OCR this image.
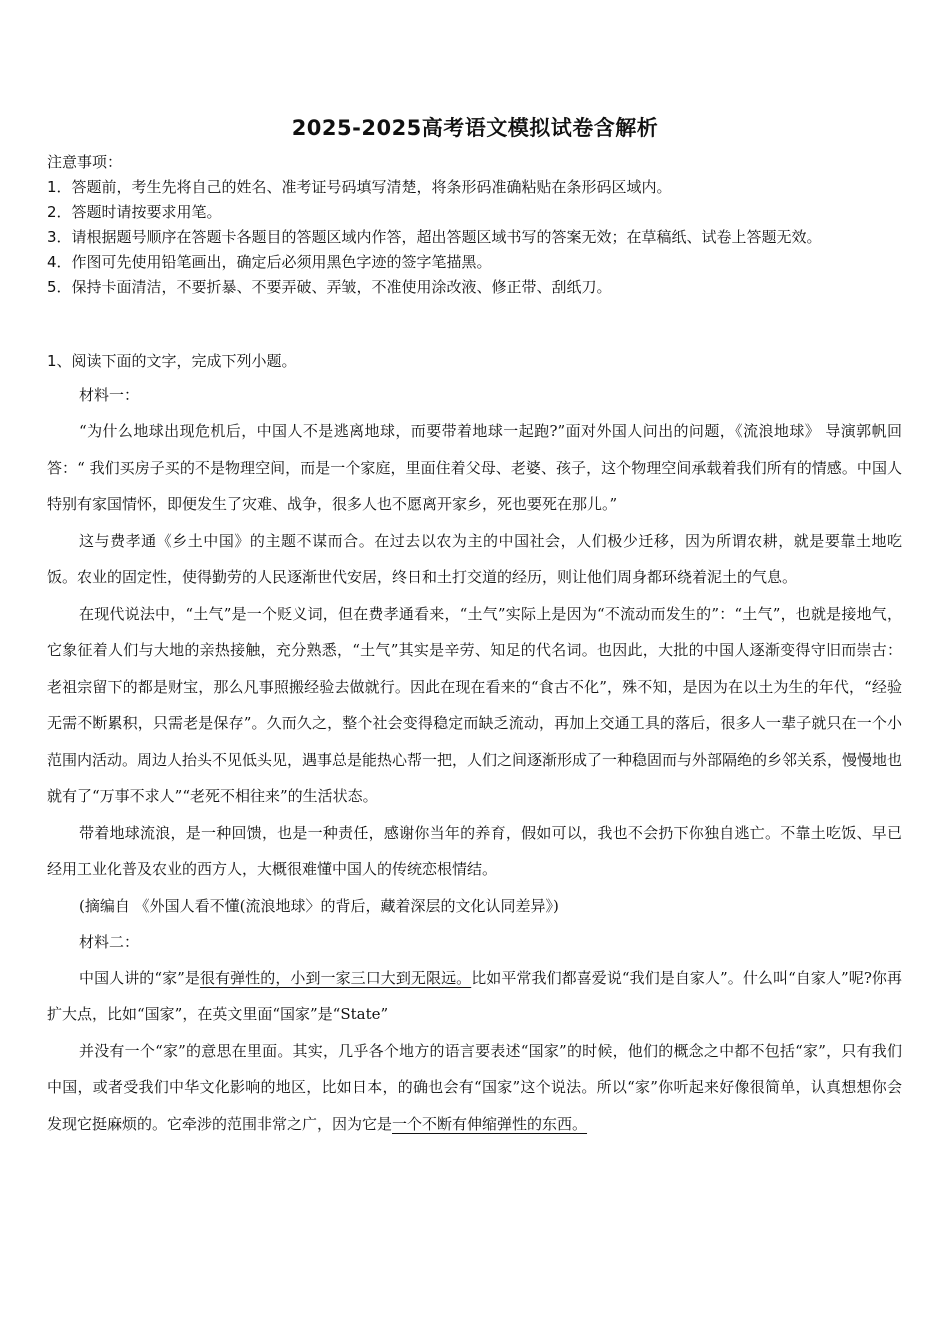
2025-2025高考语文模拟试卷含解析
注意事项：
1．答题前，考生先将自己的姓名、准考证号码填写清楚，将条形码准确粘贴在条形码区域内。
2．答题时请按要求用笔。
3．请根据题号顺序在答题卡各题目的答题区域内作答，超出答题区域书写的答案无效；在草稿纸、试卷上答题无效。
4．作图可先使用铅笔画出，确定后必须用黑色字迹的签字笔描黑。
5．保持卡面清洁，不要折暴、不要弄破、弄皱，不准使用涂改液、修正带、刮纸刀。
1、阅读下面的文字，完成下列小题。

材料一：

“为什么地球出现危机后，中国人不是逃离地球，而要带着地球一起跑?”面对外国人问出的问题，《流浪地球》 导演郭帆回答：“ 我们买房子买的不是物理空间，而是一个家庭，里面住着父母、老婆、孩子，这个物理空间承载着我们所有的情感。中国人特别有家国情怀，即便发生了灾难、战争，很多人也不愿离开家乡，死也要死在那儿。”

这与费孝通《乡土中国》的主题不谋而合。在过去以农为主的中国社会，人们极少迁移，因为所谓农耕，就是要靠土地吃饭。农业的固定性，使得勤劳的人民逐渐世代安居，终日和土打交道的经历，则让他们周身都环绕着泥土的气息。

在现代说法中，“土气”是一个贬义词，但在费孝通看来，“土气”实际上是因为“不流动而发生的”：“土气”，也就是接地气，它象征着人们与大地的亲热接触，充分熟悉，“土气”其实是辛劳、知足的代名词。也因此，大批的中国人逐渐变得守旧而崇古：老祖宗留下的都是财宝，那么凡事照搬经验去做就行。因此在现在看来的“食古不化”，殊不知，是因为在以土为生的年代，“经验无需不断累积，只需老是保存”。久而久之，整个社会变得稳定而缺乏流动，再加上交通工具的落后，很多人一辈子就只在一个小范围内活动。周边人抬头不见低头见，遇事总是能热心帮一把，人们之间逐渐形成了一种稳固而与外部隔绝的乡邻关系，慢慢地也就有了“万事不求人”“老死不相往来”的生活状态。

带着地球流浪，是一种回馈，也是一种责任，感谢你当年的养育，假如可以，我也不会扔下你独自逃亡。不靠土吃饭、早已经用工业化普及农业的西方人，大概很难懂中国人的传统恋根情结。

(摘编自 《外国人看不懂(流浪地球〉的背后，藏着深层的文化认同差异》)

材料二：

中国人讲的“家”是很有弹性的，小到一家三口大到无限远。比如平常我们都喜爱说“我们是自家人”。什么叫“自家人”呢?你再扩大点，比如“国家”，在英文里面“国家”是“State”

并没有一个“家”的意思在里面。其实，几乎各个地方的语言要表述“国家”的时候，他们的概念之中都不包括“家”，只有我们中国，或者受我们中华文化影响的地区，比如日本，的确也会有“国家”这个说法。所以“家”你听起来好像很简单，认真想想你会发现它挺麻烦的。它牵涉的范围非常之广，因为它是一个不断有伸缩弹性的东西。
